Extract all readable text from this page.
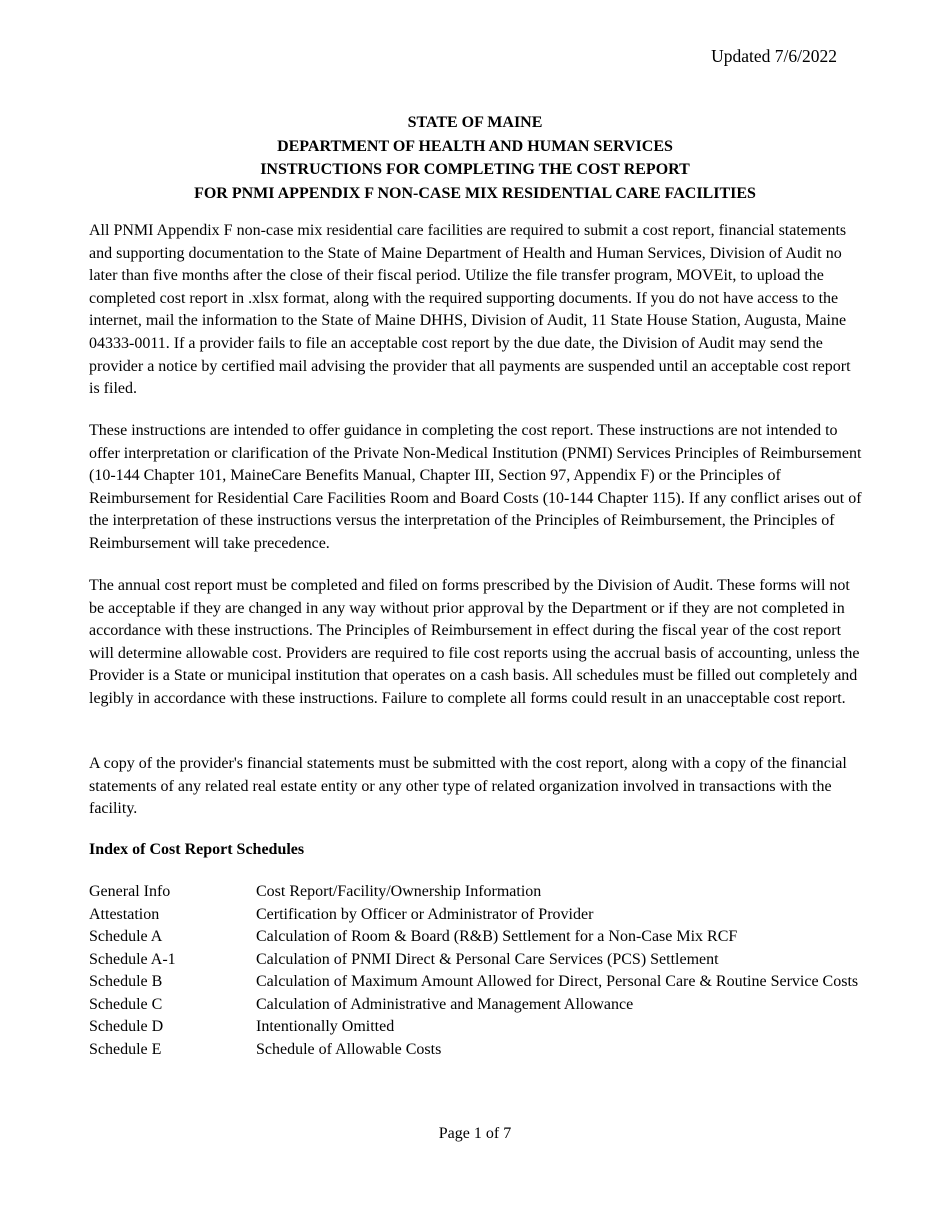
Updated 7/6/2022
STATE OF MAINE
DEPARTMENT OF HEALTH AND HUMAN SERVICES
INSTRUCTIONS FOR COMPLETING THE COST REPORT
FOR PNMI APPENDIX F NON-CASE MIX RESIDENTIAL CARE FACILITIES

All PNMI Appendix F non-case mix residential care facilities are required to submit a cost report, financial statements and supporting documentation to the State of Maine Department of Health and Human Services, Division of Audit no later than five months after the close of their fiscal period. Utilize the file transfer program, MOVEit, to upload the completed cost report in .xlsx format, along with the required supporting documents. If you do not have access to the internet, mail the information to the State of Maine DHHS, Division of Audit, 11 State House Station, Augusta, Maine 04333-0011. If a provider fails to file an acceptable cost report by the due date, the Division of Audit may send the provider a notice by certified mail advising the provider that all payments are suspended until an acceptable cost report is filed.

These instructions are intended to offer guidance in completing the cost report. These instructions are not intended to offer interpretation or clarification of the Private Non-Medical Institution (PNMI) Services Principles of Reimbursement (10-144 Chapter 101, MaineCare Benefits Manual, Chapter III, Section 97, Appendix F) or the Principles of Reimbursement for Residential Care Facilities Room and Board Costs (10-144 Chapter 115). If any conflict arises out of the interpretation of these instructions versus the interpretation of the Principles of Reimbursement, the Principles of Reimbursement will take precedence.

The annual cost report must be completed and filed on forms prescribed by the Division of Audit. These forms will not be acceptable if they are changed in any way without prior approval by the Department or if they are not completed in accordance with these instructions. The Principles of Reimbursement in effect during the fiscal year of the cost report will determine allowable cost. Providers are required to file cost reports using the accrual basis of accounting, unless the Provider is a State or municipal institution that operates on a cash basis. All schedules must be filled out completely and legibly in accordance with these instructions. Failure to complete all forms could result in an unacceptable cost report.

A copy of the provider's financial statements must be submitted with the cost report, along with a copy of the financial statements of any related real estate entity or any other type of related organization involved in transactions with the facility.

Index of Cost Report Schedules
General Info	Cost Report/Facility/Ownership Information
Attestation	Certification by Officer or Administrator of Provider
Schedule A	Calculation of Room & Board (R&B) Settlement for a Non-Case Mix RCF
Schedule A-1	Calculation of PNMI Direct & Personal Care Services (PCS) Settlement
Schedule B	Calculation of Maximum Amount Allowed for Direct, Personal Care & Routine Service Costs
Schedule C	Calculation of Administrative and Management Allowance
Schedule D	Intentionally Omitted
Schedule E	Schedule of Allowable Costs
Page 1 of 7
